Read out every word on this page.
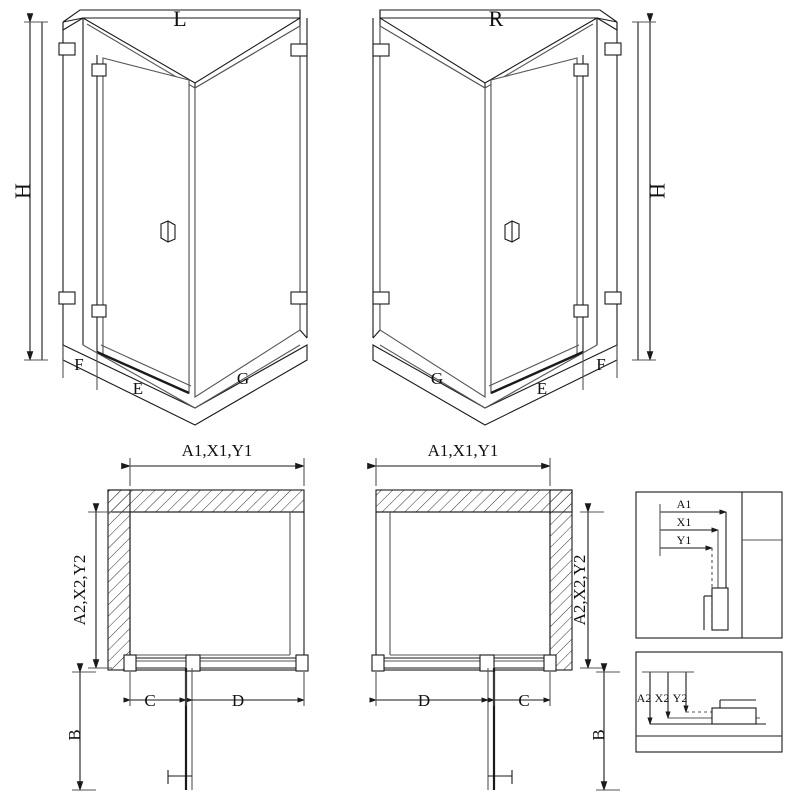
L	R
H	H
F
E
G
F
E
G
A1,X1,Y1	A1,X1,Y1
A2,X2,Y2	A2,X2,Y2
C	D	D	C
B	B
A1
X1
Y1
A2 X2 Y2
